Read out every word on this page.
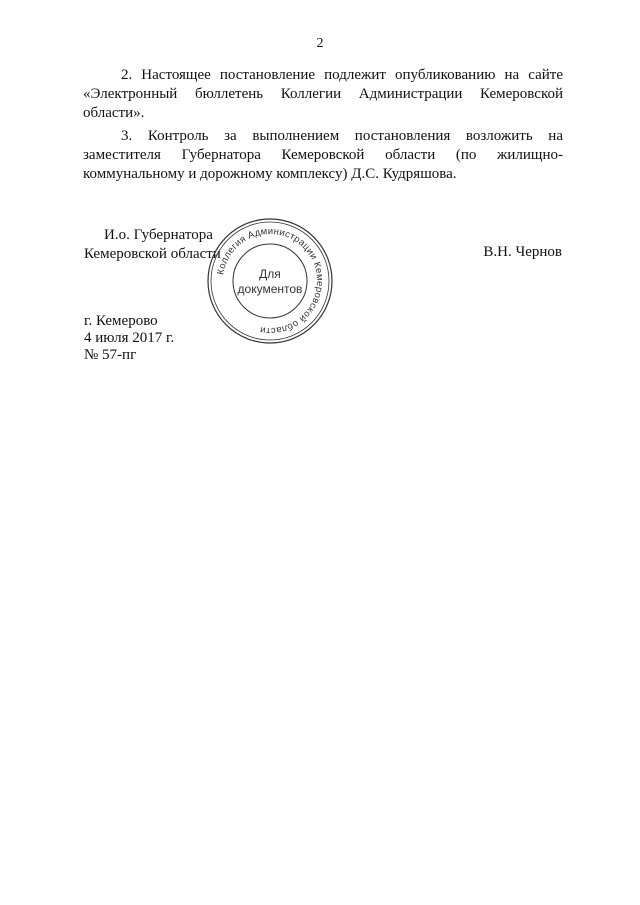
2

2. Настоящее постановление подлежит опубликованию на сайте «Электронный бюллетень Коллегии Администрации Кемеровской области».

3. Контроль за выполнением постановления возложить на заместителя Губернатора Кемеровской области (по жилищно-коммунальному и дорожному комплексу) Д.С. Кудряшова.

И.о. Губернатора
Кемеровской области	В.Н. Чернов
Коллегия Администрации Кемеровской области
Для
документов
г. Кемерово
4 июля 2017 г.
№ 57-пг
